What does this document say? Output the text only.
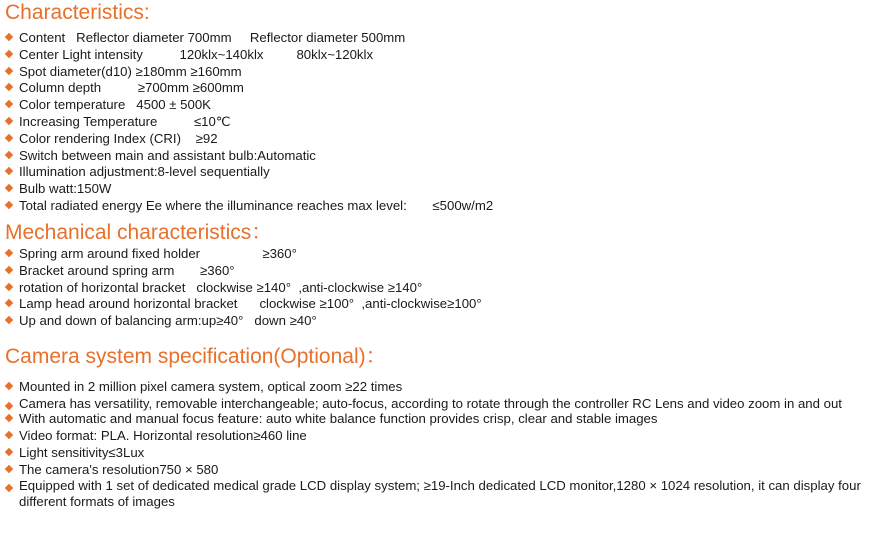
Characteristics:
Content   Reflector diameter 700mm     Reflector diameter 500mm
Center Light intensity          120klx~140klx         80klx~120klx
Spot diameter(d10) ≥180mm ≥160mm
Column depth          ≥700mm ≥600mm
Color temperature   4500 ± 500K
Increasing Temperature          ≤10℃
Color rendering Index (CRI)    ≥92
Switch between main and assistant bulb:Automatic
Illumination adjustment:8-level sequentially
Bulb watt:150W
Total radiated energy Ee where the illuminance reaches max level:       ≤500w/m2
Mechanical characteristics：
Spring arm around fixed holder                 ≥360°
Bracket around spring arm       ≥360°
rotation of horizontal bracket   clockwise ≥140°  ,anti-clockwise ≥140°
Lamp head around horizontal bracket      clockwise ≥100°  ,anti-clockwise≥100°
Up and down of balancing arm:up≥40°   down ≥40°
Camera system specification(Optional)：
Mounted in 2 million pixel camera system, optical zoom ≥22 times
Camera has versatility, removable interchangeable; auto-focus, according to rotate through the controller RC Lens and video zoom in and out
With automatic and manual focus feature: auto white balance function provides crisp, clear and stable images
Video format: PLA. Horizontal resolution≥460 line
Light sensitivity≤3Lux
The camera's resolution750 × 580
Equipped with 1 set of dedicated medical grade LCD display system; ≥19-Inch dedicated LCD monitor,1280 × 1024 resolution, it can display four different formats of images
